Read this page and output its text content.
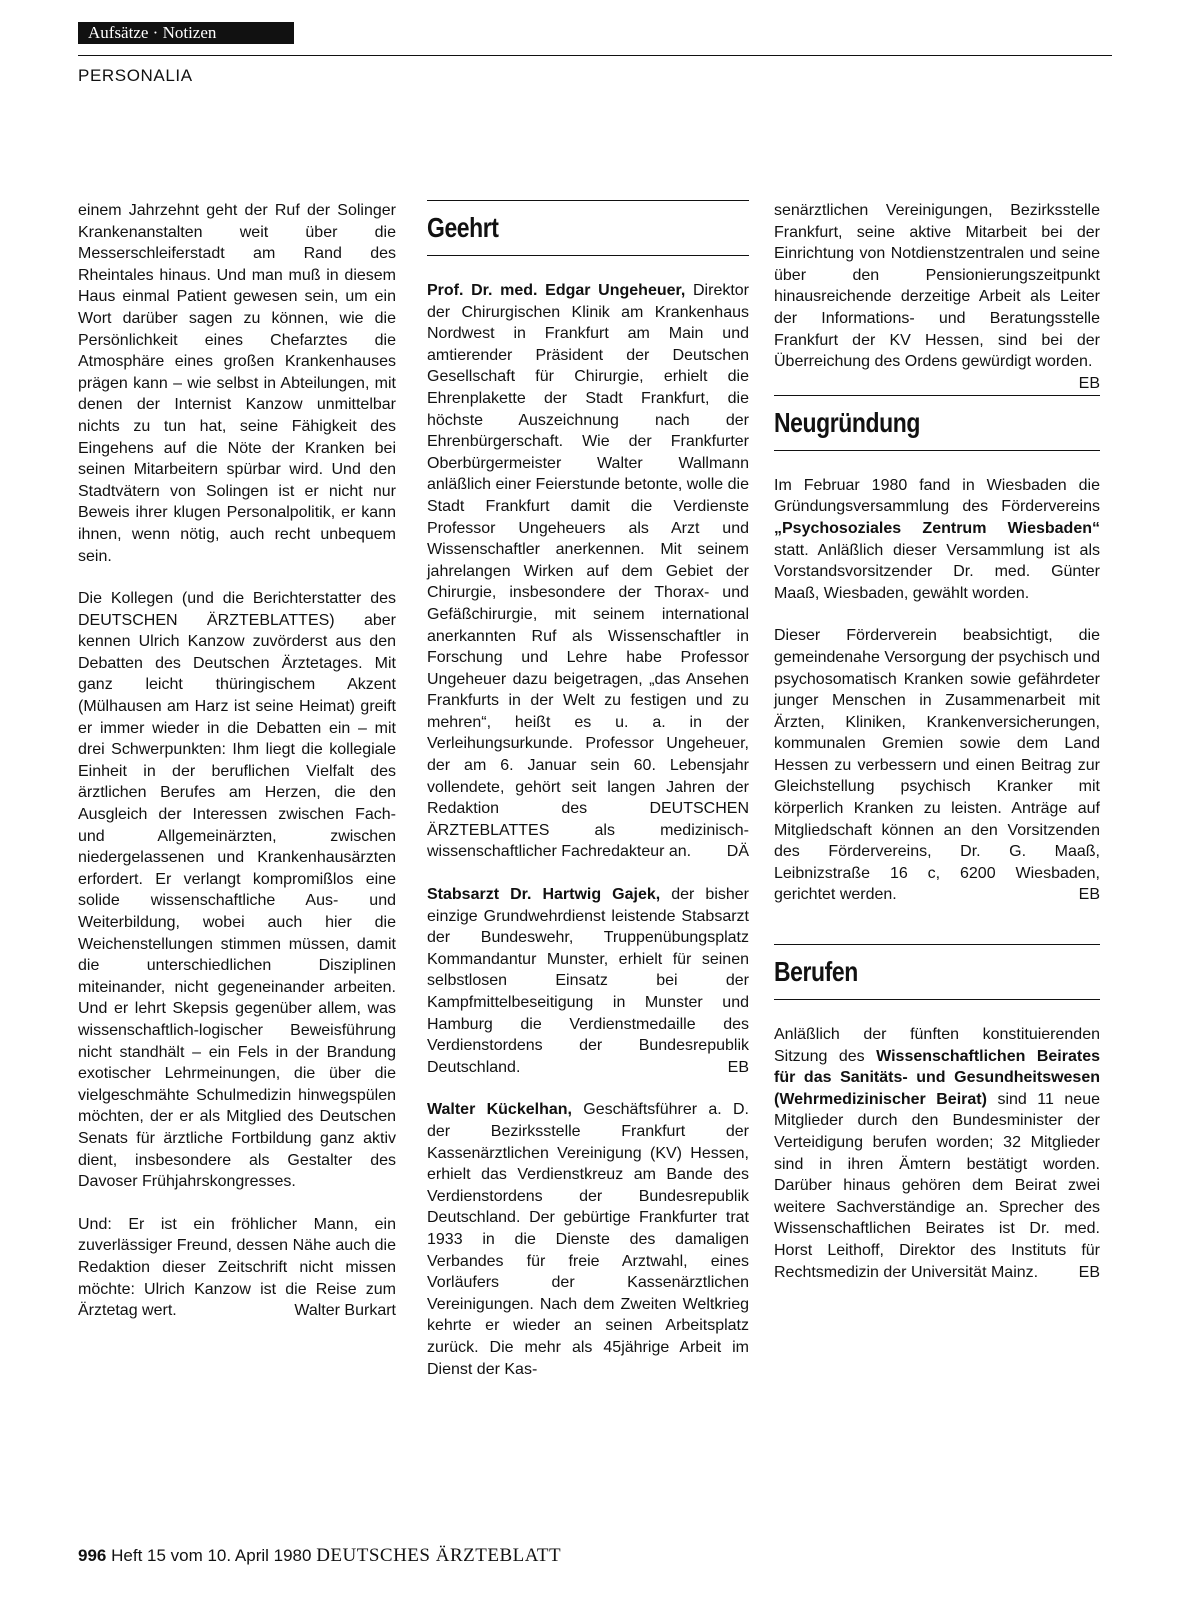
Aufsätze · Notizen
PERSONALIA

einem Jahrzehnt geht der Ruf der Solinger Krankenanstalten weit über die Messerschleiferstadt am Rand des Rheintales hinaus. Und man muß in diesem Haus einmal Patient gewesen sein, um ein Wort darüber sagen zu können, wie die Persönlichkeit eines Chefarztes die Atmosphäre eines großen Krankenhauses prägen kann – wie selbst in Abteilungen, mit denen der Internist Kanzow unmittelbar nichts zu tun hat, seine Fähigkeit des Eingehens auf die Nöte der Kranken bei seinen Mitarbeitern spürbar wird. Und den Stadtvätern von Solingen ist er nicht nur Beweis ihrer klugen Personalpolitik, er kann ihnen, wenn nötig, auch recht unbequem sein.

Die Kollegen (und die Berichterstatter des DEUTSCHEN ÄRZTEBLATTES) aber kennen Ulrich Kanzow zuvörderst aus den Debatten des Deutschen Ärztetages. Mit ganz leicht thüringischem Akzent (Mülhausen am Harz ist seine Heimat) greift er immer wieder in die Debatten ein – mit drei Schwerpunkten: Ihm liegt die kollegiale Einheit in der beruflichen Vielfalt des ärztlichen Berufes am Herzen, die den Ausgleich der Interessen zwischen Fach- und Allgemeinärzten, zwischen niedergelassenen und Krankenhausärzten erfordert. Er verlangt kompromißlos eine solide wissenschaftliche Aus- und Weiterbildung, wobei auch hier die Weichenstellungen stimmen müssen, damit die unterschiedlichen Disziplinen miteinander, nicht gegeneinander arbeiten. Und er lehrt Skepsis gegenüber allem, was wissenschaftlich-logischer Beweisführung nicht standhält – ein Fels in der Brandung exotischer Lehrmeinungen, die über die vielgeschmähte Schulmedizin hinwegspülen möchten, der er als Mitglied des Deutschen Senats für ärztliche Fortbildung ganz aktiv dient, insbesondere als Gestalter des Davoser Frühjahrskongresses.

Und: Er ist ein fröhlicher Mann, ein zuverlässiger Freund, dessen Nähe auch die Redaktion dieser Zeitschrift nicht missen möchte: Ulrich Kanzow ist die Reise zum Ärztetag wert.	Walter Burkart

Geehrt

Prof. Dr. med. Edgar Ungeheuer, Direktor der Chirurgischen Klinik am Krankenhaus Nordwest in Frankfurt am Main und amtierender Präsident der Deutschen Gesellschaft für Chirurgie, erhielt die Ehrenplakette der Stadt Frankfurt, die höchste Auszeichnung nach der Ehrenbürgerschaft. Wie der Frankfurter Oberbürgermeister Walter Wallmann anläßlich einer Feierstunde betonte, wolle die Stadt Frankfurt damit die Verdienste Professor Ungeheuers als Arzt und Wissenschaftler anerkennen. Mit seinem jahrelangen Wirken auf dem Gebiet der Chirurgie, insbesondere der Thorax- und Gefäßchirurgie, mit seinem international anerkannten Ruf als Wissenschaftler in Forschung und Lehre habe Professor Ungeheuer dazu beigetragen, „das Ansehen Frankfurts in der Welt zu festigen und zu mehren“, heißt es u. a. in der Verleihungsurkunde. Professor Ungeheuer, der am 6. Januar sein 60. Lebensjahr vollendete, gehört seit langen Jahren der Redaktion des DEUTSCHEN ÄRZTEBLATTES als medizinisch-wissenschaftlicher Fachredakteur an. DÄ

Stabsarzt Dr. Hartwig Gajek, der bisher einzige Grundwehrdienst leistende Stabsarzt der Bundeswehr, Truppenübungsplatz Kommandantur Munster, erhielt für seinen selbstlosen Einsatz bei der Kampfmittelbeseitigung in Munster und Hamburg die Verdienstmedaille des Verdienstordens der Bundesrepublik Deutschland.	EB

Walter Kückelhan, Geschäftsführer a. D. der Bezirksstelle Frankfurt der Kassenärztlichen Vereinigung (KV) Hessen, erhielt das Verdienstkreuz am Bande des Verdienstordens der Bundesrepublik Deutschland. Der gebürtige Frankfurter trat 1933 in die Dienste des damaligen Verbandes für freie Arztwahl, eines Vorläufers der Kassenärztlichen Vereinigungen. Nach dem Zweiten Weltkrieg kehrte er wieder an seinen Arbeitsplatz zurück. Die mehr als 45jährige Arbeit im Dienst der Kas-

senärztlichen Vereinigungen, Bezirksstelle Frankfurt, seine aktive Mitarbeit bei der Einrichtung von Notdienstzentralen und seine über den Pensionierungszeitpunkt hinausreichende derzeitige Arbeit als Leiter der Informations- und Beratungsstelle Frankfurt der KV Hessen, sind bei der Überreichung des Ordens gewürdigt worden.
EB

Neugründung

Im Februar 1980 fand in Wiesbaden die Gründungsversammlung des Fördervereins „Psychosoziales Zentrum Wiesbaden“ statt. Anläßlich dieser Versammlung ist als Vorstandsvorsitzender Dr. med. Günter Maaß, Wiesbaden, gewählt worden.

Dieser Förderverein beabsichtigt, die gemeindenahe Versorgung der psychisch und psychosomatisch Kranken sowie gefährdeter junger Menschen in Zusammenarbeit mit Ärzten, Kliniken, Krankenversicherungen, kommunalen Gremien sowie dem Land Hessen zu verbessern und einen Beitrag zur Gleichstellung psychisch Kranker mit körperlich Kranken zu leisten. Anträge auf Mitgliedschaft können an den Vorsitzenden des Fördervereins, Dr. G. Maaß, Leibnizstraße 16 c, 6200 Wiesbaden, gerichtet werden.	EB

Berufen

Anläßlich der fünften konstituierenden Sitzung des Wissenschaftlichen Beirates für das Sanitäts- und Gesundheitswesen (Wehrmedizinischer Beirat) sind 11 neue Mitglieder durch den Bundesminister der Verteidigung berufen worden; 32 Mitglieder sind in ihren Ämtern bestätigt worden. Darüber hinaus gehören dem Beirat zwei weitere Sachverständige an. Sprecher des Wissenschaftlichen Beirates ist Dr. med. Horst Leithoff, Direktor des Instituts für Rechtsmedizin der Universität Mainz.	EB

996 Heft 15 vom 10. April 1980 DEUTSCHES ÄRZTEBLATT
